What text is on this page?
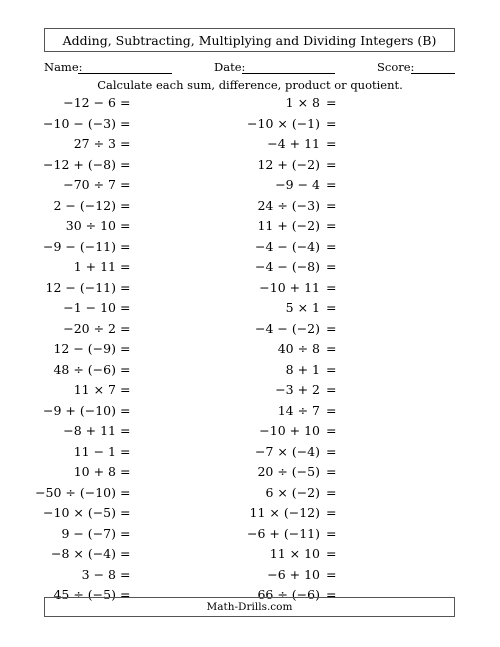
Adding, Subtracting, Multiplying and Dividing Integers (B)
Name:	Date:	Score:
Calculate each sum, difference, product or quotient.
−12 − 6 =
−10 − (−3) =
27 ÷ 3 =
−12 + (−8) =
−70 ÷ 7 =
2 − (−12) =
30 ÷ 10 =
−9 − (−11) =
1 + 11 =
12 − (−11) =
−1 − 10 =
−20 ÷ 2 =
12 − (−9) =
48 ÷ (−6) =
11 × 7 =
−9 + (−10) =
−8 + 11 =
11 − 1 =
10 + 8 =
−50 ÷ (−10) =
−10 × (−5) =
9 − (−7) =
−8 × (−4) =
3 − 8 =
45 ÷ (−5) =
1 × 8 =
−10 × (−1) =
−4 + 11 =
12 + (−2) =
−9 − 4 =
24 ÷ (−3) =
11 + (−2) =
−4 − (−4) =
−4 − (−8) =
−10 + 11 =
5 × 1 =
−4 − (−2) =
40 ÷ 8 =
8 + 1 =
−3 + 2 =
14 ÷ 7 =
−10 + 10 =
−7 × (−4) =
20 ÷ (−5) =
6 × (−2) =
11 × (−12) =
−6 + (−11) =
11 × 10 =
−6 + 10 =
66 ÷ (−6) =
Math-Drills.com
